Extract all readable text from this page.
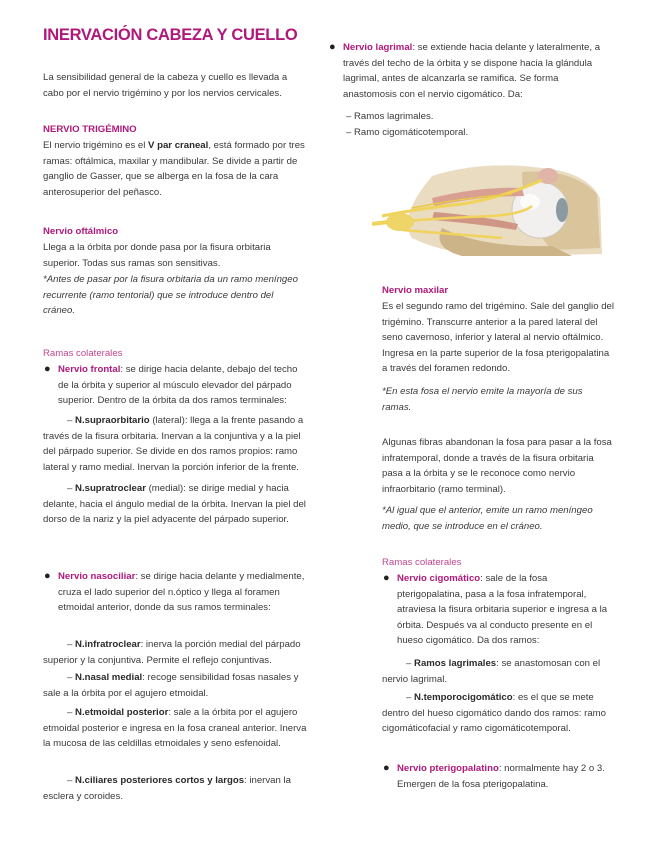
INERVACIÓN CABEZA Y CUELLO

La sensibilidad general de la cabeza y cuello es llevada a cabo por el nervio trigémino y por los nervios cervicales.

NERVIO TRIGÉMINO

El nervio trigémino es el V par craneal, está formado por tres ramas: oftálmica, maxilar y mandibular. Se divide a partir de ganglio de Gasser, que se alberga en la fosa de la cara anterosuperior del peñasco.

Nervio oftálmico

Llega a la órbita por donde pasa por la fisura orbitaria superior. Todas sus ramas son sensitivas.

*Antes de pasar por la fisura orbitaria da un ramo meníngeo recurrente (ramo tentorial) que se introduce dentro del cráneo.

Ramas colaterales

● Nervio frontal: se dirige hacia delante, debajo del techo de la órbita y superior al músculo elevador del párpado superior. Dentro de la órbita da dos ramos terminales:

– N.supraorbitario (lateral): llega a la frente pasando a través de la fisura orbitaria. Inervan a la conjuntiva y a la piel del párpado superior. Se divide en dos ramos propios: ramo lateral y ramo medial. Inervan la porción inferior de la frente.

– N.supratroclear (medial): se dirige medial y hacia delante, hacia el ángulo medial de la órbita. Inervan la piel del dorso de la nariz y la piel adyacente del párpado superior.

● Nervio nasociliar: se dirige hacia delante y medialmente, cruza el lado superior del n.óptico y llega al foramen etmoidal anterior, donde da sus ramos terminales:

– N.infratroclear: inerva la porción medial del párpado superior y la conjuntiva. Permite el reflejo conjuntivas.

– N.nasal medial: recoge sensibilidad fosas nasales y sale a la órbita por el agujero etmoidal.

– N.etmoidal posterior: sale a la órbita por el agujero etmoidal posterior e ingresa en la fosa craneal anterior. Inerva la mucosa de las celdillas etmoidales y seno esfenoidal.

– N.ciliares posteriores cortos y largos: inervan la esclera y coroides.

● Nervio lagrimal: se extiende hacia delante y lateralmente, a través del techo de la órbita y se dispone hacia la glándula lagrimal, antes de alcanzarla se ramifica. Se forma anastomosis con el nervio cigomático. Da:

– Ramos lagrimales.

– Ramo cigomáticotemporal.

Nervio maxilar

Es el segundo ramo del trigémino. Sale del ganglio del trigémino. Transcurre anterior a la pared lateral del seno cavernoso, inferior y lateral al nervio oftálmico. Ingresa en la parte superior de la fosa pterigopalatina a través del foramen redondo.

*En esta fosa el nervio emite la mayoría de sus ramas.

Algunas fibras abandonan la fosa para pasar a la fosa infratemporal, donde a través de la fisura orbitaria pasa a la órbita y se le reconoce como nervio infraorbitario (ramo terminal).

*Al igual que el anterior, emite un ramo meníngeo medio, que se introduce en el cráneo.

Ramas colaterales

● Nervio cigomático: sale de la fosa pterigopalatina, pasa a la fosa infratemporal, atraviesa la fisura orbitaria superior e ingresa a la órbita. Después va al conducto presente en el hueso cigomático. Da dos ramos:

– Ramos lagrimales: se anastomosan con el nervio lagrimal.

– N.temporocigomático: es el que se mete dentro del hueso cigomático dando dos ramos: ramo cigomáticofacial y ramo cigomáticotemporal.

● Nervio pterigopalatino: normalmente hay 2 o 3. Emergen de la fosa pterigopalatina.
